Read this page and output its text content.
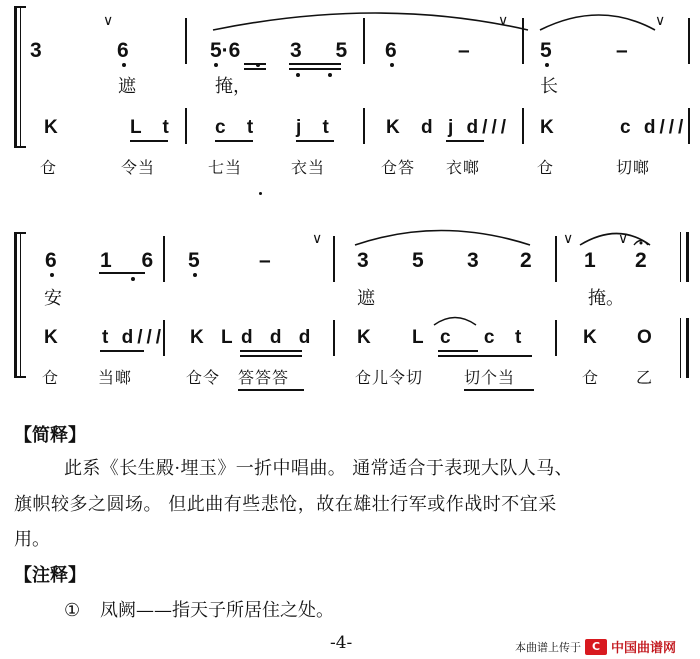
3
∨
6	5·6 3 5 6	–
∨
5	–
∨
遮	掩，	长
K	L t c t j t	K d j d/// K	c d///
仓	令当	七当	衣当	仓答 衣啷	仓	切啷
6 1 6 5	–
∨
3 5 3 2
∨
1
∨
2
安	遮	掩。
K t d/// K L d d d K L c c t	K O
仓 当啷	仓令 答答答	仓儿令切	切个当	仓 乙
【简释】
此系《长生殿·埋玉》一折中唱曲。 通常适合于表现大队人马、
旗帜较多之圆场。 但此曲有些悲怆，故在雄壮行军或作战时不宜采
用。
【注释】
① 凤阙——指天子所居住之处。
-4-	本曲谱上传于 C 中国曲谱网
